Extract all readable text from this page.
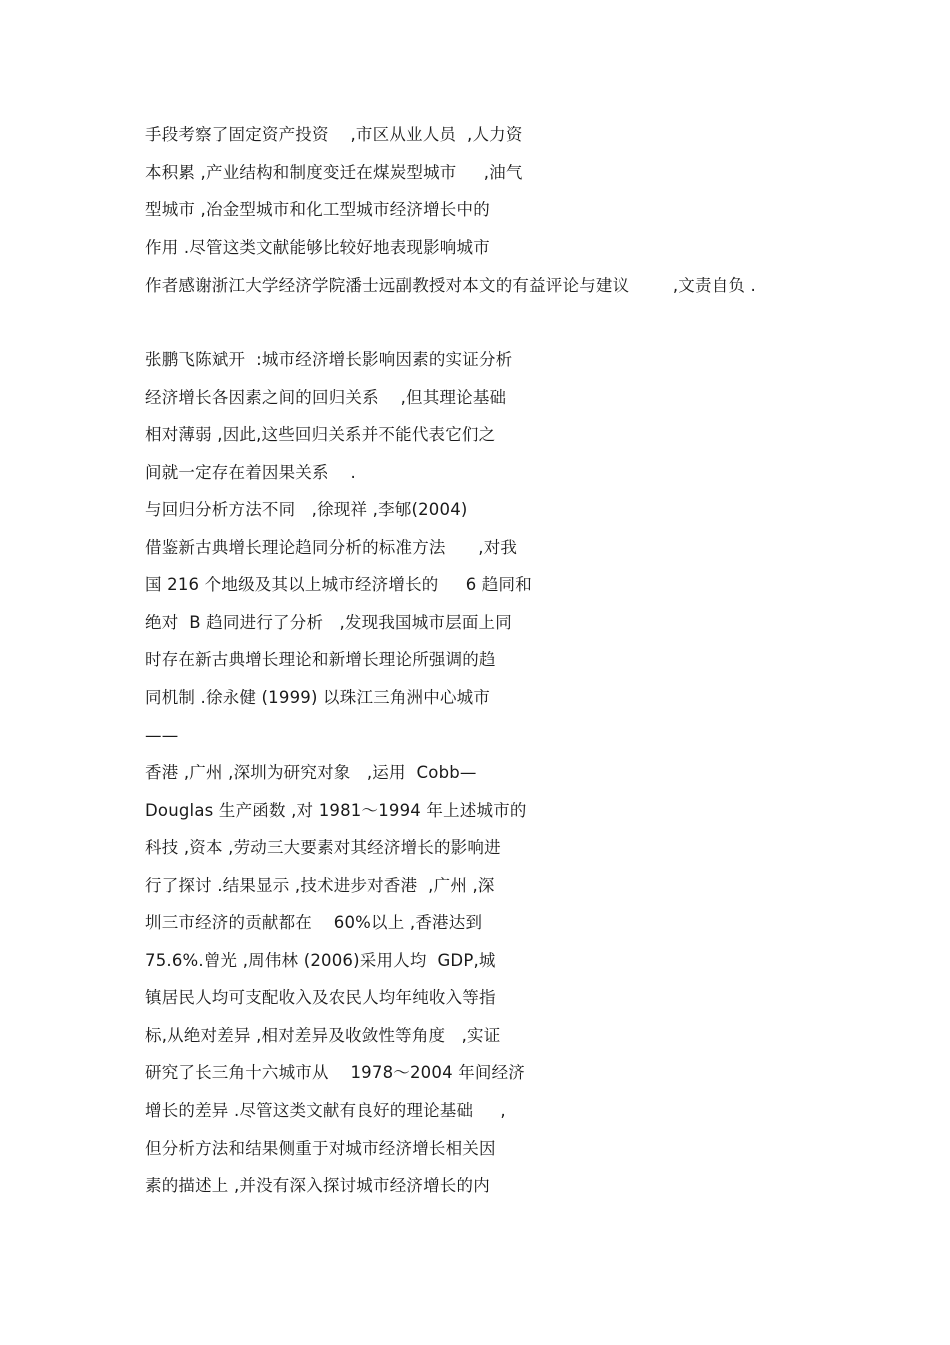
手段考察了固定资产投资    ,市区从业人员  ,人力资
本积累 ,产业结构和制度变迁在煤炭型城市     ,油气
型城市 ,冶金型城市和化工型城市经济增长中的
作用 .尽管这类文献能够比较好地表现影响城市
作者感谢浙江大学经济学院潘士远副教授对本文的有益评论与建议        ,文责自负 .
张鹏飞陈斌开  :城市经济增长影响因素的实证分析
经济增长各因素之间的回归关系    ,但其理论基础
相对薄弱 ,因此,这些回归关系并不能代表它们之
间就一定存在着因果关系    .
与回归分析方法不同   ,徐现祥 ,李郇(2004)
借鉴新古典增长理论趋同分析的标准方法      ,对我
国 216 个地级及其以上城市经济增长的     6 趋同和
绝对  B 趋同进行了分析   ,发现我国城市层面上同
时存在新古典增长理论和新增长理论所强调的趋
同机制 .徐永健 (1999) 以珠江三角洲中心城市
——
香港 ,广州 ,深圳为研究对象   ,运用  Cobb—
Douglas 生产函数 ,对 1981～1994 年上述城市的
科技 ,资本 ,劳动三大要素对其经济增长的影响进
行了探讨 .结果显示 ,技术进步对香港  ,广州 ,深
圳三市经济的贡献都在    60%以上 ,香港达到
75.6%.曾光 ,周伟林 (2006)采用人均  GDP,城
镇居民人均可支配收入及农民人均年纯收入等指
标,从绝对差异 ,相对差异及收敛性等角度   ,实证
研究了长三角十六城市从    1978～2004 年间经济
增长的差异 .尽管这类文献有良好的理论基础     ,
但分析方法和结果侧重于对城市经济增长相关因
素的描述上 ,并没有深入探讨城市经济增长的内
